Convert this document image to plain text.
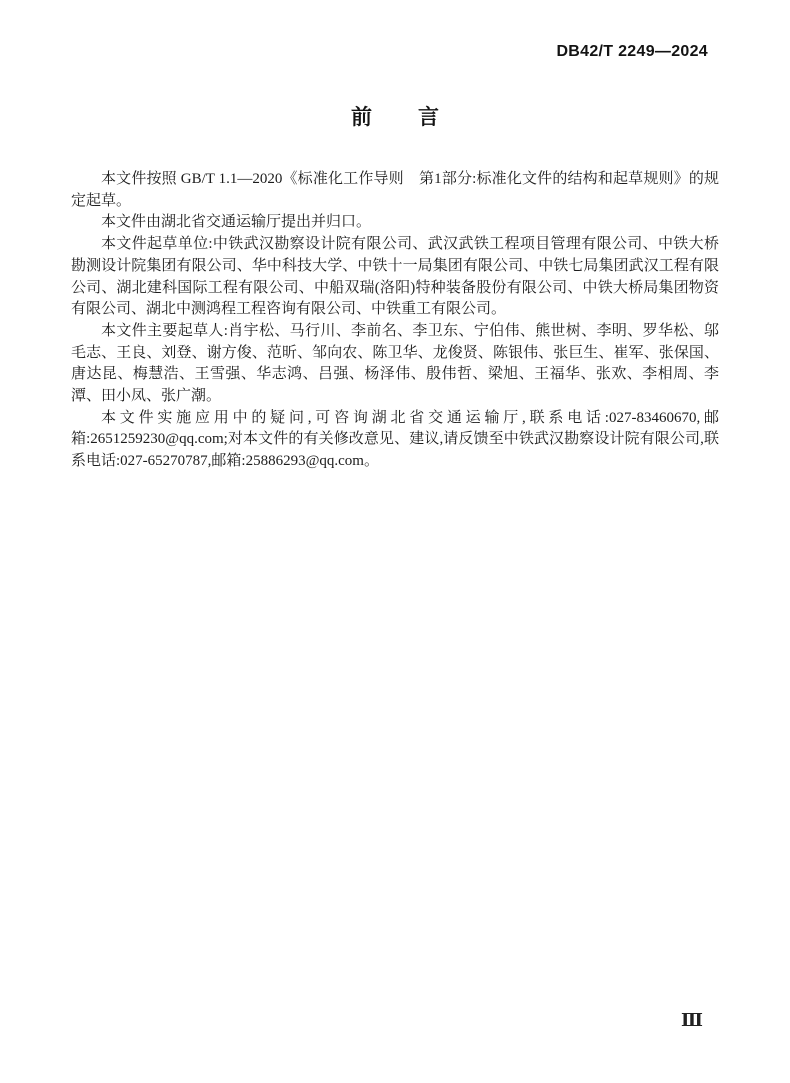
DB42/T 2249—2024
前 言

本文件按照 GB/T 1.1—2020《标准化工作导则　第1部分:标准化文件的结构和起草规则》的规定起草。

本文件由湖北省交通运输厅提出并归口。

本文件起草单位:中铁武汉勘察设计院有限公司、武汉武铁工程项目管理有限公司、中铁大桥勘测设计院集团有限公司、华中科技大学、中铁十一局集团有限公司、中铁七局集团武汉工程有限公司、湖北建科国际工程有限公司、中船双瑞(洛阳)特种装备股份有限公司、中铁大桥局集团物资有限公司、湖北中测鸿程工程咨询有限公司、中铁重工有限公司。

本文件主要起草人:肖宇松、马行川、李前名、李卫东、宁伯伟、熊世树、李明、罗华松、邬毛志、王良、刘登、谢方俊、范昕、邹向农、陈卫华、龙俊贤、陈银伟、张巨生、崔军、张保国、唐达昆、梅慧浩、王雪强、华志鸿、吕强、杨泽伟、殷伟哲、梁旭、王福华、张欢、李相周、李潭、田小凤、张广潮。

本文件实施应用中的疑问,可咨询湖北省交通运输厅,联系电话:027-83460670,邮箱:2651259230@qq.com;对本文件的有关修改意见、建议,请反馈至中铁武汉勘察设计院有限公司,联系电话:027-65270787,邮箱:25886293@qq.com。

Ⅲ
